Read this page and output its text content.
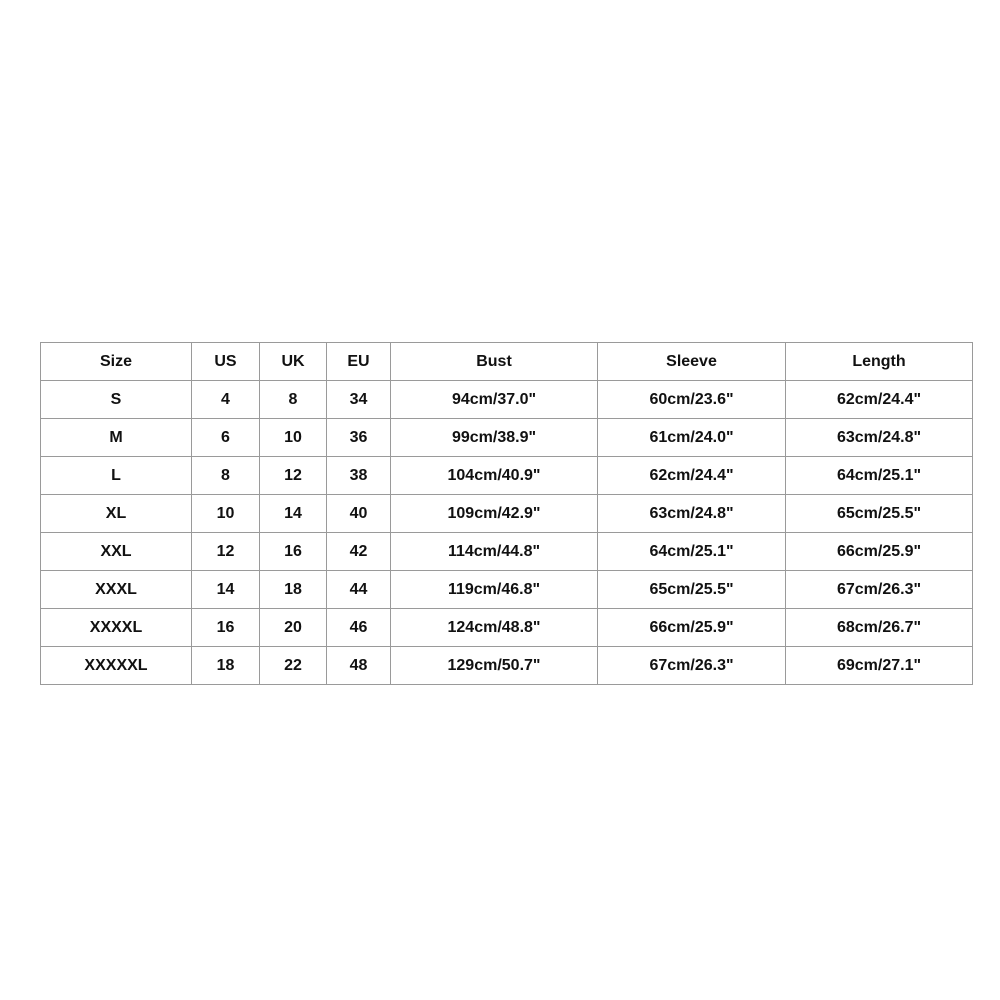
Size	US	UK	EU	Bust	Sleeve	Length
S	4	8	34	94cm/37.0"	60cm/23.6"	62cm/24.4"
M	6	10	36	99cm/38.9"	61cm/24.0"	63cm/24.8"
L	8	12	38	104cm/40.9"	62cm/24.4"	64cm/25.1"
XL	10	14	40	109cm/42.9"	63cm/24.8"	65cm/25.5"
XXL	12	16	42	114cm/44.8"	64cm/25.1"	66cm/25.9"
XXXL	14	18	44	119cm/46.8"	65cm/25.5"	67cm/26.3"
XXXXL	16	20	46	124cm/48.8"	66cm/25.9"	68cm/26.7"
XXXXXL	18	22	48	129cm/50.7"	67cm/26.3"	69cm/27.1"
